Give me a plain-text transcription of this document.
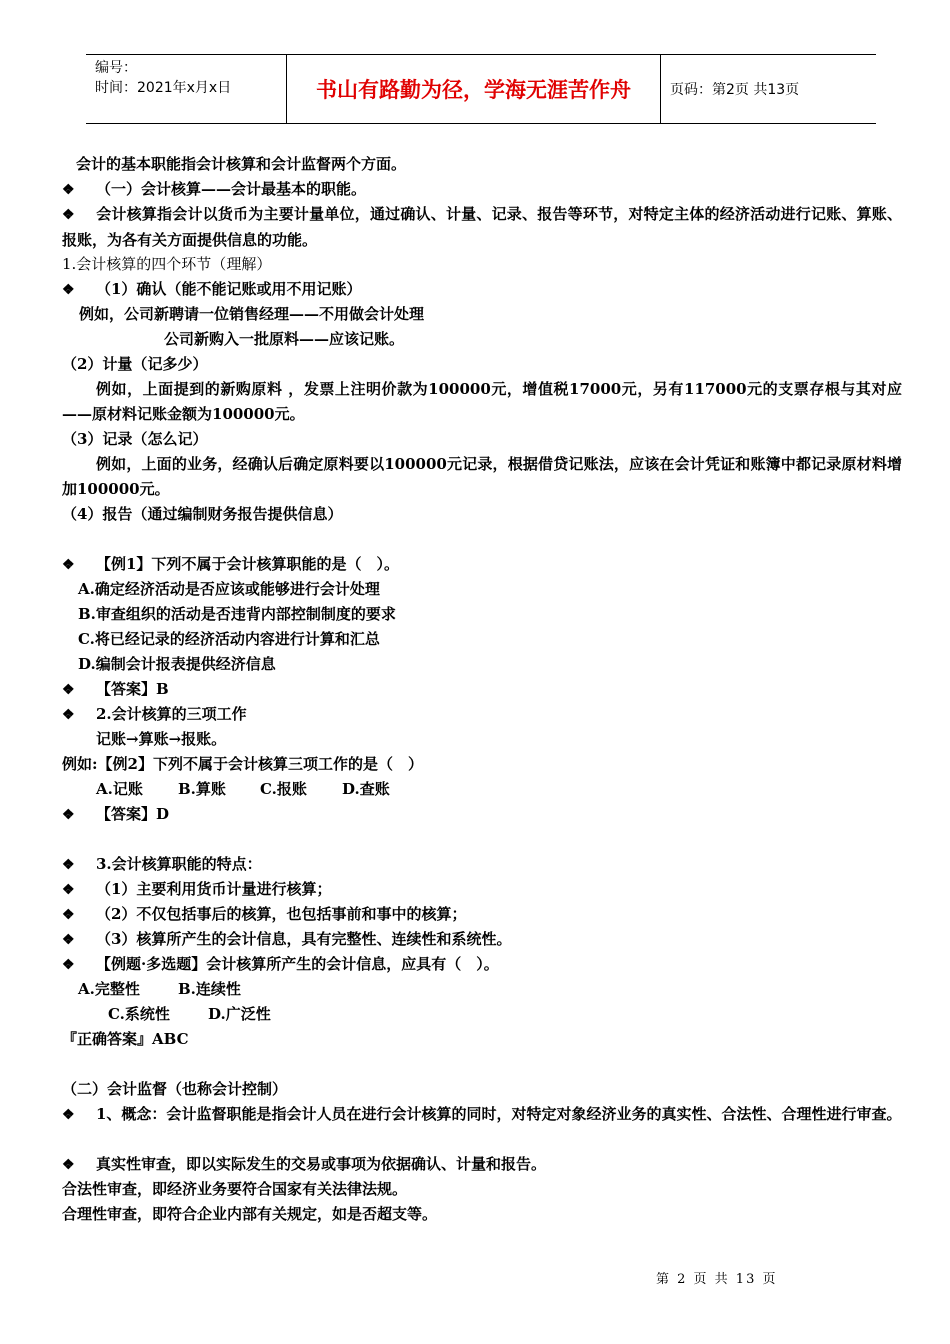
编号：
时间：2021年x月x日	书山有路勤为径，学海无涯苦作舟	页码：第2页 共13页
会计的基本职能指会计核算和会计监督两个方面。
❖ （一）会计核算——会计最基本的职能。
❖ 会计核算指会计以货币为主要计量单位，通过确认、计量、记录、报告等环节，对特定主体的经济活动进行记账、算账、报账，为各有关方面提供信息的功能。
1.会计核算的四个环节（理解）
❖ （1）确认（能不能记账或用不用记账）
例如，公司新聘请一位销售经理——不用做会计处理
公司新购入一批原料——应该记账。
（2）计量（记多少）
例如，上面提到的新购原料 ，发票上注明价款为100000元，增值税17000元，另有117000元的支票存根与其对应——原材料记账金额为100000元。
（3）记录（怎么记）
例如，上面的业务，经确认后确定原料要以100000元记录，根据借贷记账法，应该在会计凭证和账簿中都记录原材料增加100000元。
（4）报告（通过编制财务报告提供信息）
❖ 【例1】下列不属于会计核算职能的是（　）。
A.确定经济活动是否应该或能够进行会计处理
B.审查组织的活动是否违背内部控制制度的要求
C.将已经记录的经济活动内容进行计算和汇总
D.编制会计报表提供经济信息
❖ 【答案】B
❖ 2.会计核算的三项工作
记账→算账→报账。
例如:【例2】下列不属于会计核算三项工作的是（　）
A.记账 B.算账 C.报账 D.查账
❖ 【答案】D
❖ 3.会计核算职能的特点：
❖ （1）主要利用货币计量进行核算；
❖ （2）不仅包括事后的核算，也包括事前和事中的核算；
❖ （3）核算所产生的会计信息，具有完整性、连续性和系统性。
❖ 【例题·多选题】会计核算所产生的会计信息，应具有（　）。
A.完整性	B.连续性
C.系统性	D.广泛性
『正确答案』ABC
（二）会计监督（也称会计控制）
❖ 1、概念：会计监督职能是指会计人员在进行会计核算的同时，对特定对象经济业务的真实性、合法性、合理性进行审查。
❖ 真实性审查，即以实际发生的交易或事项为依据确认、计量和报告。
合法性审查，即经济业务要符合国家有关法律法规。
合理性审查，即符合企业内部有关规定，如是否超支等。
第 2 页 共 13 页
